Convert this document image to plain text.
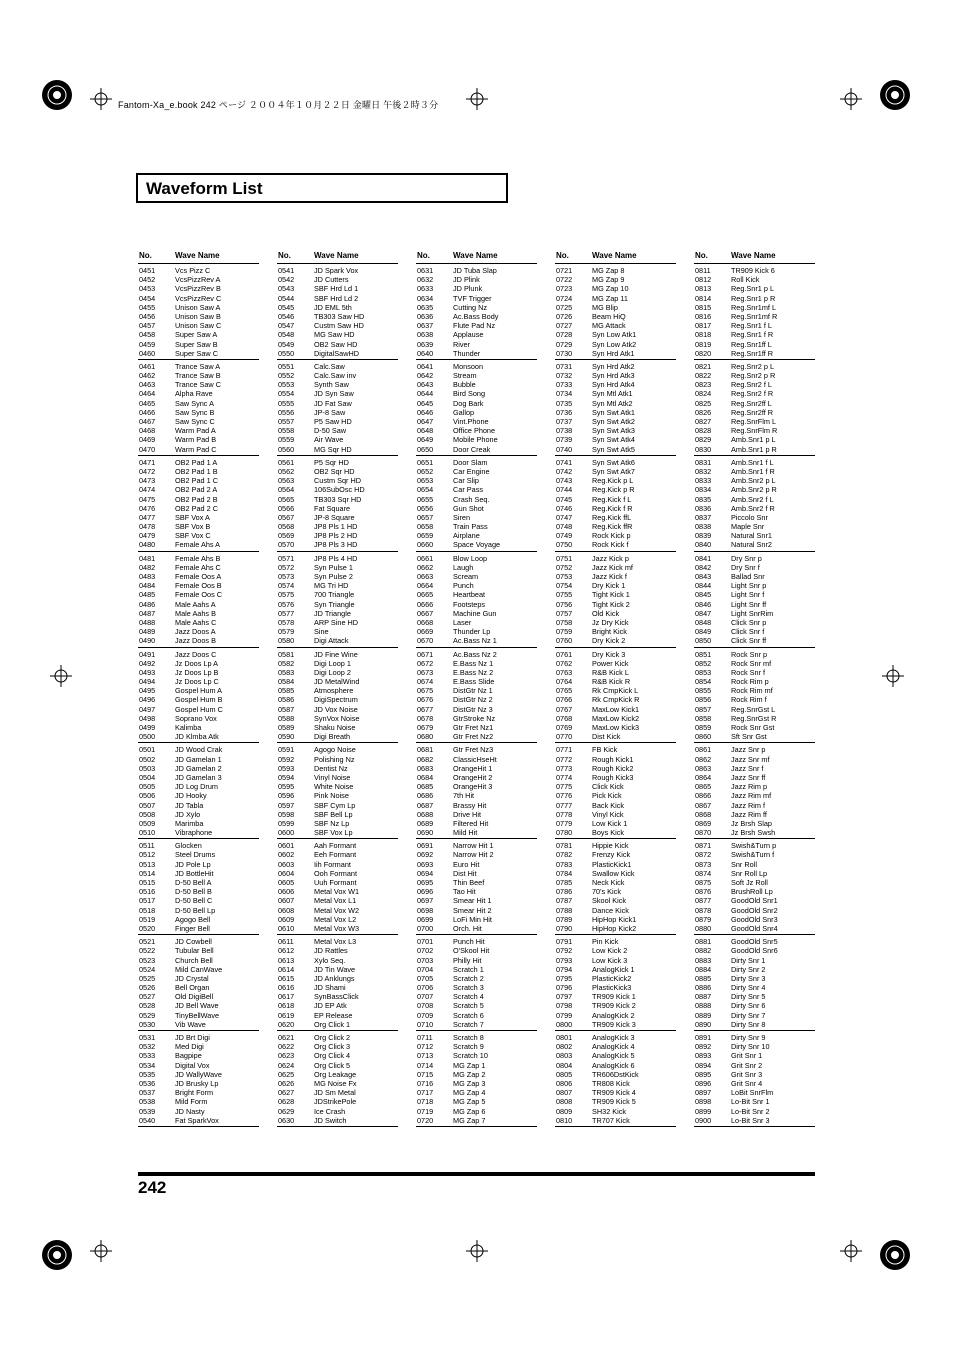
Fantom-Xa_e.book 242 ページ ２００４年１０月２２日 金曜日 午後２時３分
Waveform List
No.	Wave Name
0451	Vcs Pizz C
0452	VcsPizzRev A
0453	VcsPizzRev B
0454	VcsPizzRev C
0455	Unison Saw A
0456	Unison Saw B
0457	Unison Saw C
0458	Super Saw A
0459	Super Saw B
0460	Super Saw C
0461	Trance Saw A
0462	Trance Saw B
0463	Trance Saw C
0464	Alpha Rave
0465	Saw Sync A
0466	Saw Sync B
0467	Saw Sync C
0468	Warm Pad A
0469	Warm Pad B
0470	Warm Pad C
0471	OB2 Pad 1 A
0472	OB2 Pad 1 B
0473	OB2 Pad 1 C
0474	OB2 Pad 2 A
0475	OB2 Pad 2 B
0476	OB2 Pad 2 C
0477	SBF Vox A
0478	SBF Vox B
0479	SBF Vox C
0480	Female Ahs A
0481	Female Ahs B
0482	Female Ahs C
0483	Female Oos A
0484	Female Oos B
0485	Female Oos C
0486	Male Aahs A
0487	Male Aahs B
0488	Male Aahs C
0489	Jazz Doos A
0490	Jazz Doos B
0491	Jazz Doos C
0492	Jz Doos Lp A
0493	Jz Doos Lp B
0494	Jz Doos Lp C
0495	Gospel Hum A
0496	Gospel Hum B
0497	Gospel Hum C
0498	Soprano Vox
0499	Kalimba
0500	JD Klmba Atk
0501	JD Wood Crak
0502	JD Gamelan 1
0503	JD Gamelan 2
0504	JD Gamelan 3
0505	JD Log Drum
0506	JD Hooky
0507	JD Tabla
0508	JD Xylo
0509	Marimba
0510	Vibraphone
0511	Glocken
0512	Steel Drums
0513	JD Pole Lp
0514	JD BottleHit
0515	D-50 Bell A
0516	D-50 Bell B
0517	D-50 Bell C
0518	D-50 Bell Lp
0519	Agogo Bell
0520	Finger Bell
0521	JD Cowbell
0522	Tubular Bell
0523	Church Bell
0524	Mild CanWave
0525	JD Crystal
0526	Bell Organ
0527	Old DigiBell
0528	JD Bell Wave
0529	TinyBellWave
0530	Vib Wave
0531	JD Brt Digi
0532	Med Digi
0533	Bagpipe
0534	Digital Vox
0535	JD WallyWave
0536	JD Brusky Lp
0537	Bright Form
0538	Mild Form
0539	JD Nasty
0540	Fat SparkVox
No.	Wave Name
0541	JD Spark Vox
0542	JD Cutters
0543	SBF Hrd Ld 1
0544	SBF Hrd Ld 2
0545	JD EML 5th
0546	TB303 Saw HD
0547	Custm Saw HD
0548	MG Saw HD
0549	OB2 Saw HD
0550	DigitalSawHD
0551	Calc.Saw
0552	Calc.Saw inv
0553	Synth Saw
0554	JD Syn Saw
0555	JD Fat Saw
0556	JP-8 Saw
0557	P5 Saw HD
0558	D-50 Saw
0559	Air Wave
0560	MG Sqr HD
0561	P5 Sqr HD
0562	OB2 Sqr HD
0563	Custm Sqr HD
0564	106SubOsc HD
0565	TB303 Sqr HD
0566	Fat Square
0567	JP-8 Square
0568	JP8 Pls 1 HD
0569	JP8 Pls 2 HD
0570	JP8 Pls 3 HD
0571	JP8 Pls 4 HD
0572	Syn Pulse 1
0573	Syn Pulse 2
0574	MG Tri HD
0575	700 Triangle
0576	Syn Triangle
0577	JD Triangle
0578	ARP Sine HD
0579	Sine
0580	Digi Attack
0581	JD Fine Wine
0582	Digi Loop 1
0583	Digi Loop 2
0584	JD MetalWind
0585	Atmosphere
0586	DigiSpectrum
0587	JD Vox Noise
0588	SynVox Noise
0589	Shaku Noise
0590	Digi Breath
0591	Agogo Noise
0592	Polishing Nz
0593	Dentist Nz
0594	Vinyl Noise
0595	White Noise
0596	Pink Noise
0597	SBF Cym Lp
0598	SBF Bell Lp
0599	SBF Nz Lp
0600	SBF Vox Lp
0601	Aah Formant
0602	Eeh Formant
0603	Iih Formant
0604	Ooh Formant
0605	Uuh Formant
0606	Metal Vox W1
0607	Metal Vox L1
0608	Metal Vox W2
0609	Metal Vox L2
0610	Metal Vox W3
0611	Metal Vox L3
0612	JD Rattles
0613	Xylo Seq.
0614	JD Tin Wave
0615	JD Anklungs
0616	JD Shami
0617	SynBassClick
0618	JD EP Atk
0619	EP Release
0620	Org Click 1
0621	Org Click 2
0622	Org Click 3
0623	Org Click 4
0624	Org Click 5
0625	Org Leakage
0626	MG Noise Fx
0627	JD Sm Metal
0628	JDStrikePole
0629	Ice Crash
0630	JD Switch
No.	Wave Name
0631	JD Tuba Slap
0632	JD Plink
0633	JD Plunk
0634	TVF Trigger
0635	Cutting Nz
0636	Ac.Bass Body
0637	Flute Pad Nz
0638	Applause
0639	River
0640	Thunder
0641	Monsoon
0642	Stream
0643	Bubble
0644	Bird Song
0645	Dog Bark
0646	Gallop
0647	Vint.Phone
0648	Office Phone
0649	Mobile Phone
0650	Door Creak
0651	Door Slam
0652	Car Engine
0653	Car Slip
0654	Car Pass
0655	Crash Seq.
0656	Gun Shot
0657	Siren
0658	Train Pass
0659	Airplane
0660	Space Voyage
0661	Blow Loop
0662	Laugh
0663	Scream
0664	Punch
0665	Heartbeat
0666	Footsteps
0667	Machine Gun
0668	Laser
0669	Thunder Lp
0670	Ac.Bass Nz 1
0671	Ac.Bass Nz 2
0672	E.Bass Nz 1
0673	E.Bass Nz 2
0674	E.Bass Slide
0675	DistGtr Nz 1
0676	DistGtr Nz 2
0677	DistGtr Nz 3
0678	GtrStroke Nz
0679	Gtr Fret Nz1
0680	Gtr Fret Nz2
0681	Gtr Fret Nz3
0682	ClassicHseHt
0683	OrangeHit 1
0684	OrangeHit 2
0685	OrangeHit 3
0686	7th Hit
0687	Brassy Hit
0688	Drive Hit
0689	Filtered Hit
0690	Mild Hit
0691	Narrow Hit 1
0692	Narrow Hit 2
0693	Euro Hit
0694	Dist Hit
0695	Thin Beef
0696	Tao Hit
0697	Smear Hit 1
0698	Smear Hit 2
0699	LoFi Min Hit
0700	Orch. Hit
0701	Punch Hit
0702	O'Skool Hit
0703	Philly Hit
0704	Scratch 1
0705	Scratch 2
0706	Scratch 3
0707	Scratch 4
0708	Scratch 5
0709	Scratch 6
0710	Scratch 7
0711	Scratch 8
0712	Scratch 9
0713	Scratch 10
0714	MG Zap 1
0715	MG Zap 2
0716	MG Zap 3
0717	MG Zap 4
0718	MG Zap 5
0719	MG Zap 6
0720	MG Zap 7
No.	Wave Name
0721	MG Zap 8
0722	MG Zap 9
0723	MG Zap 10
0724	MG Zap 11
0725	MG Blip
0726	Beam HiQ
0727	MG Attack
0728	Syn Low Atk1
0729	Syn Low Atk2
0730	Syn Hrd Atk1
0731	Syn Hrd Atk2
0732	Syn Hrd Atk3
0733	Syn Hrd Atk4
0734	Syn Mtl Atk1
0735	Syn Mtl Atk2
0736	Syn Swt Atk1
0737	Syn Swt Atk2
0738	Syn Swt Atk3
0739	Syn Swt Atk4
0740	Syn Swt Atk5
0741	Syn Swt Atk6
0742	Syn Swt Atk7
0743	Reg.Kick p L
0744	Reg.Kick p R
0745	Reg.Kick f L
0746	Reg.Kick f R
0747	Reg.Kick ffL
0748	Reg.Kick ffR
0749	Rock Kick p
0750	Rock Kick f
0751	Jazz Kick p
0752	Jazz Kick mf
0753	Jazz Kick f
0754	Dry Kick 1
0755	Tight Kick 1
0756	Tight Kick 2
0757	Old Kick
0758	Jz Dry Kick
0759	Bright Kick
0760	Dry Kick 2
0761	Dry Kick 3
0762	Power Kick
0763	R&B Kick L
0764	R&B Kick R
0765	Rk CmpKick L
0766	Rk CmpKick R
0767	MaxLow Kick1
0768	MaxLow Kick2
0769	MaxLow Kick3
0770	Dist Kick
0771	FB Kick
0772	Rough Kick1
0773	Rough Kick2
0774	Rough Kick3
0775	Click Kick
0776	Pick Kick
0777	Back Kick
0778	Vinyl Kick
0779	Low Kick 1
0780	Boys Kick
0781	Hippie Kick
0782	Frenzy Kick
0783	PlasticKick1
0784	Swallow Kick
0785	Neck Kick
0786	70's Kick
0787	Skool Kick
0788	Dance Kick
0789	HipHop Kick1
0790	HipHop Kick2
0791	Pin Kick
0792	Low Kick 2
0793	Low Kick 3
0794	AnalogKick 1
0795	PlasticKick2
0796	PlasticKick3
0797	TR909 Kick 1
0798	TR909 Kick 2
0799	AnalogKick 2
0800	TR909 Kick 3
0801	AnalogKick 3
0802	AnalogKick 4
0803	AnalogKick 5
0804	AnalogKick 6
0805	TR606DstKick
0806	TR808 Kick
0807	TR909 Kick 4
0808	TR909 Kick 5
0809	SH32 Kick
0810	TR707 Kick
No.	Wave Name
0811	TR909 Kick 6
0812	Roll Kick
0813	Reg.Snr1 p L
0814	Reg.Snr1 p R
0815	Reg.Snr1mf L
0816	Reg.Snr1mf R
0817	Reg.Snr1 f L
0818	Reg.Snr1 f R
0819	Reg.Snr1ff L
0820	Reg.Snr1ff R
0821	Reg.Snr2 p L
0822	Reg.Snr2 p R
0823	Reg.Snr2 f L
0824	Reg.Snr2 f R
0825	Reg.Snr2ff L
0826	Reg.Snr2ff R
0827	Reg.SnrFlm L
0828	Reg.SnrFlm R
0829	Amb.Snr1 p L
0830	Amb.Snr1 p R
0831	Amb.Snr1 f L
0832	Amb.Snr1 f R
0833	Amb.Snr2 p L
0834	Amb.Snr2 p R
0835	Amb.Snr2 f L
0836	Amb.Snr2 f R
0837	Piccolo Snr
0838	Maple Snr
0839	Natural Snr1
0840	Natural Snr2
0841	Dry Snr p
0842	Dry Snr f
0843	Ballad Snr
0844	Light Snr p
0845	Light Snr f
0846	Light Snr ff
0847	Light SnrRim
0848	Click Snr p
0849	Click Snr f
0850	Click Snr ff
0851	Rock Snr p
0852	Rock Snr mf
0853	Rock Snr f
0854	Rock Rim p
0855	Rock Rim mf
0856	Rock Rim f
0857	Reg.SnrGst L
0858	Reg.SnrGst R
0859	Rock Snr Gst
0860	Sft Snr Gst
0861	Jazz Snr p
0862	Jazz Snr mf
0863	Jazz Snr f
0864	Jazz Snr ff
0865	Jazz Rim p
0866	Jazz Rim mf
0867	Jazz Rim f
0868	Jazz Rim ff
0869	Jz Brsh Slap
0870	Jz Brsh Swsh
0871	Swish&Turn p
0872	Swish&Turn f
0873	Snr Roll
0874	Snr Roll Lp
0875	Soft Jz Roll
0876	BrushRoll Lp
0877	GoodOld Snr1
0878	GoodOld Snr2
0879	GoodOld Snr3
0880	GoodOld Snr4
0881	GoodOld Snr5
0882	GoodOld Snr6
0883	Dirty Snr 1
0884	Dirty Snr 2
0885	Dirty Snr 3
0886	Dirty Snr 4
0887	Dirty Snr 5
0888	Dirty Snr 6
0889	Dirty Snr 7
0890	Dirty Snr 8
0891	Dirty Snr 9
0892	Dirty Snr 10
0893	Grit Snr 1
0894	Grit Snr 2
0895	Grit Snr 3
0896	Grit Snr 4
0897	LoBit SnrFlm
0898	Lo-Bit Snr 1
0899	Lo-Bit Snr 2
0900	Lo-Bit Snr 3
242
